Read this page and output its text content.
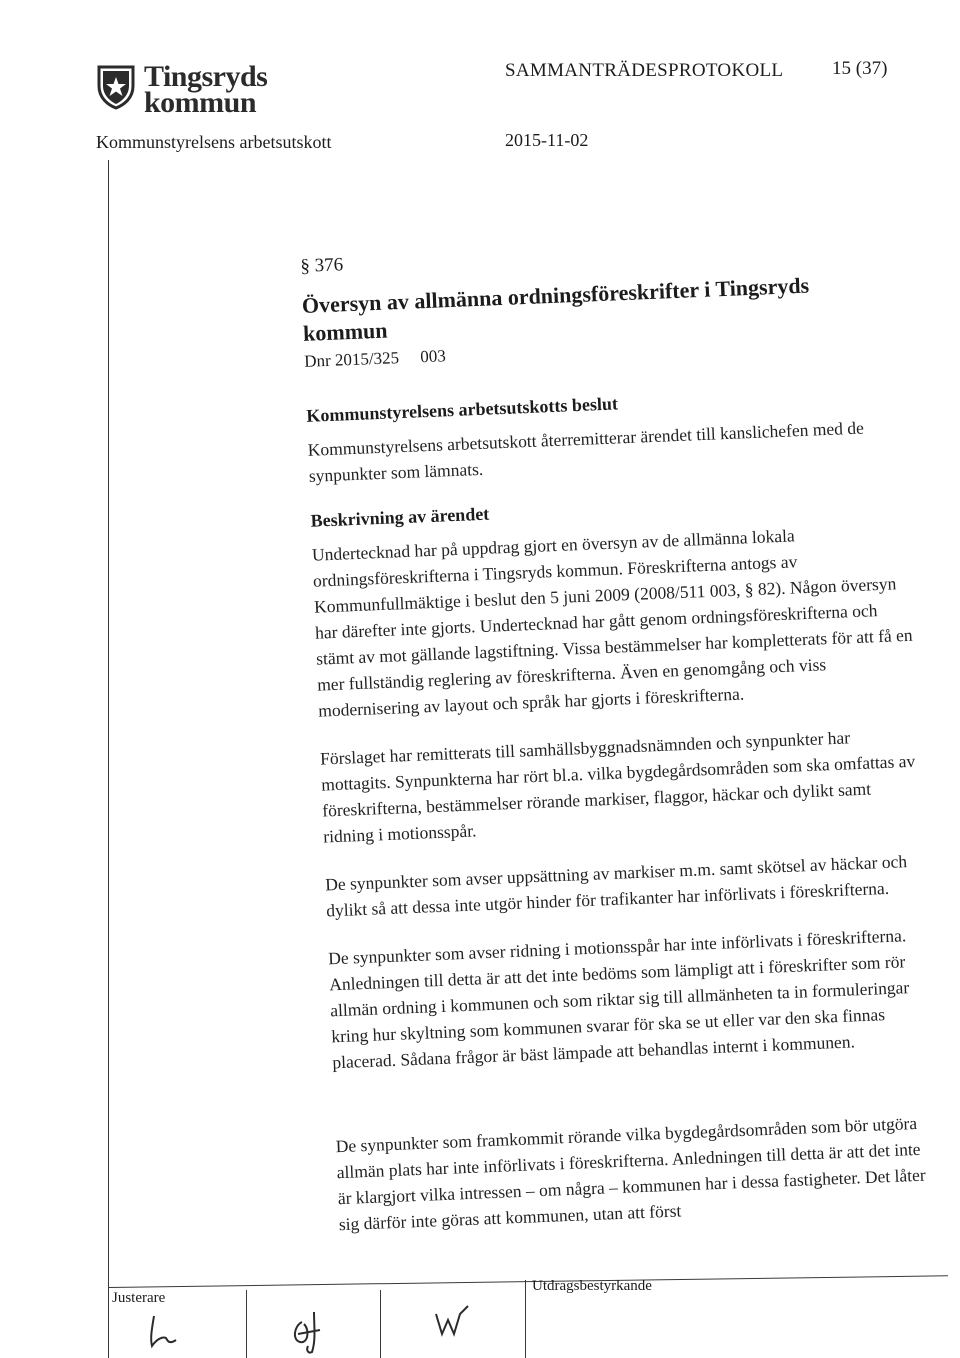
Tingsryds
kommun
SAMMANTRÄDESPROTOKOLL	15 (37)
Kommunstyrelsens arbetsutskott	2015-11-02
§ 376
Översyn av allmänna ordningsföreskrifter i Tingsryds
kommun
Dnr 2015/325     003
Kommunstyrelsens arbetsutskotts beslut

Kommunstyrelsens arbetsutskott återremitterar ärendet till kanslichefen med de synpunkter som lämnats.

Beskrivning av ärendet

Undertecknad har på uppdrag gjort en översyn av de allmänna lokala ordningsföreskrifterna i Tingsryds kommun. Föreskrifterna antogs av Kommunfullmäktige i beslut den 5 juni 2009 (2008/511 003, § 82). Någon översyn har därefter inte gjorts. Undertecknad har gått genom ordningsföreskrifterna och stämt av mot gällande lagstiftning. Vissa bestämmelser har kompletterats för att få en mer fullständig reglering av föreskrifterna. Även en genomgång och viss modernisering av layout och språk har gjorts i föreskrifterna.

Förslaget har remitterats till samhällsbyggnadsnämnden och synpunkter har mottagits. Synpunkterna har rört bl.a. vilka bygdegårdsområden som ska omfattas av föreskrifterna, bestämmelser rörande markiser, flaggor, häckar och dylikt samt ridning i motionsspår.

De synpunkter som avser uppsättning av markiser m.m. samt skötsel av häckar och dylikt så att dessa inte utgör hinder för trafikanter har införlivats i föreskrifterna.

De synpunkter som avser ridning i motionsspår har inte införlivats i föreskrifterna. Anledningen till detta är att det inte bedöms som lämpligt att i föreskrifter som rör allmän ordning i kommunen och som riktar sig till allmänheten ta in formuleringar kring hur skyltning som kommunen svarar för ska se ut eller var den ska finnas placerad. Sådana frågor är bäst lämpade att behandlas internt i kommunen.

De synpunkter som framkommit rörande vilka bygdegårdsområden som bör utgöra allmän plats har inte införlivats i föreskrifterna. Anledningen till detta är att det inte är klargjort vilka intressen – om några – kommunen har i dessa fastigheter. Det låter sig därför inte göras att kommunen, utan att först

Justerare
Utdragsbestyrkande
